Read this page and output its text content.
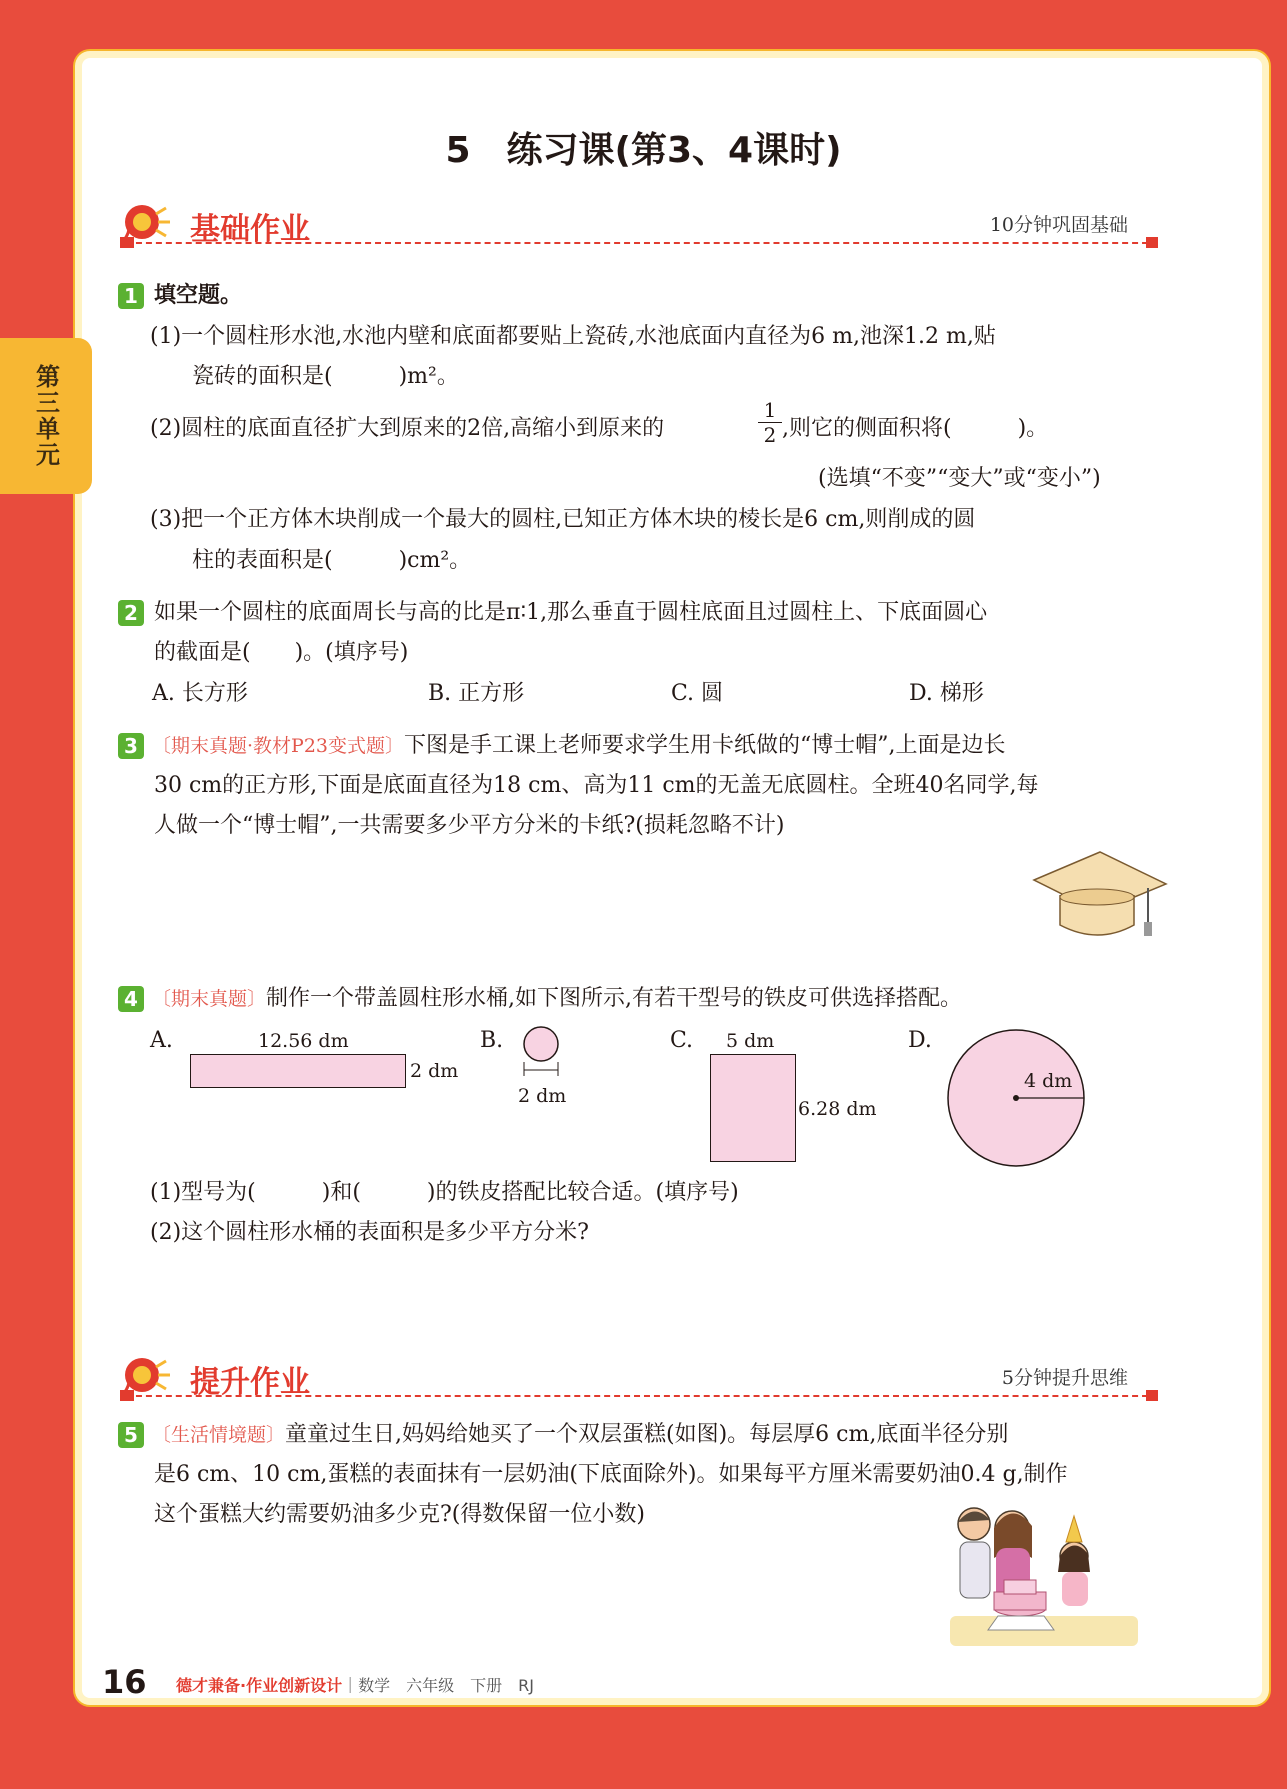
第三单元
5　练习课(第3、4课时)
基础作业	10分钟巩固基础
1 填空题。
(1)一个圆柱形水池,水池内壁和底面都要贴上瓷砖,水池底面内直径为6 m,池深1.2 m,贴
瓷砖的面积是(　　　)m²。
(2)圆柱的底面直径扩大到原来的2倍,高缩小到原来的	$\frac{1}{2}$ ,则它的侧面积将(　　　)。
(选填“不变”“变大”或“变小”)
(3)把一个正方体木块削成一个最大的圆柱,已知正方体木块的棱长是6 cm,则削成的圆
柱的表面积是(　　　)cm²。
2 如果一个圆柱的底面周长与高的比是π∶1,那么垂直于圆柱底面且过圆柱上、下底面圆心
的截面是(　　)。(填序号)
A. 长方形	B. 正方形	C. 圆	D. 梯形
3 〔期末真题·教材P23变式题〕下图是手工课上老师要求学生用卡纸做的“博士帽”,上面是边长
30 cm的正方形,下面是底面直径为18 cm、高为11 cm的无盖无底圆柱。全班40名同学,每
人做一个“博士帽”,一共需要多少平方分米的卡纸?(损耗忽略不计)
4 〔期末真题〕制作一个带盖圆柱形水桶,如下图所示,有若干型号的铁皮可供选择搭配。
A.	12.56 dm
2 dm
B.
2 dm
C. 5 dm
6.28 dm
D.
4 dm
(1)型号为(　　　)和(　　　)的铁皮搭配比较合适。(填序号)
(2)这个圆柱形水桶的表面积是多少平方分米?
提升作业	5分钟提升思维
5 〔生活情境题〕童童过生日,妈妈给她买了一个双层蛋糕(如图)。每层厚6 cm,底面半径分别
是6 cm、10 cm,蛋糕的表面抹有一层奶油(下底面除外)。如果每平方厘米需要奶油0.4 g,制作
这个蛋糕大约需要奶油多少克?(得数保留一位小数)
16 德才兼备·作业创新设计｜数学　六年级　下册　RJ
